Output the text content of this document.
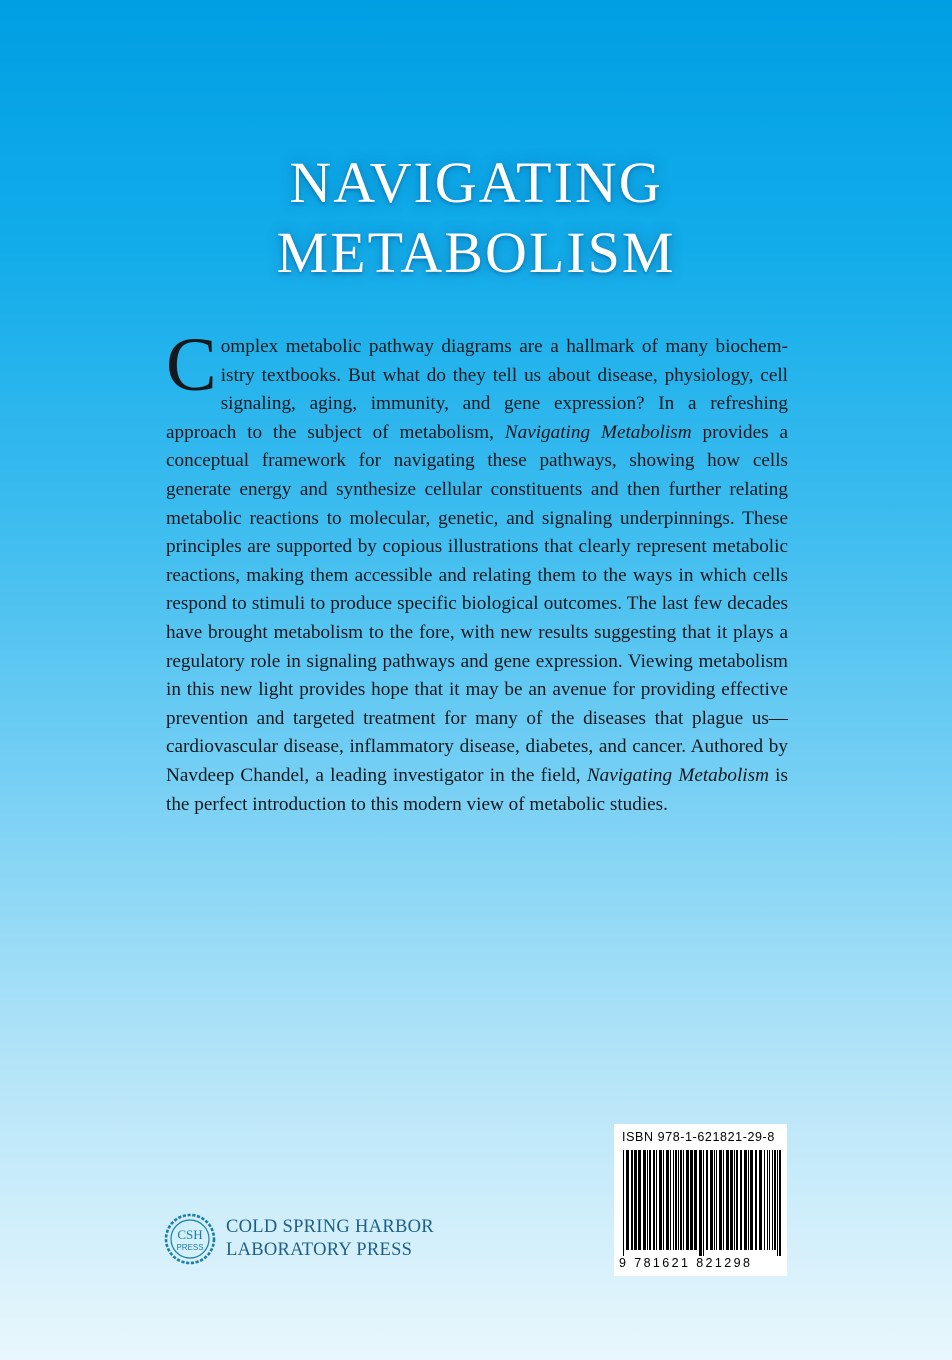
NAVIGATING
METABOLISM
Complex metabolic pathway diagrams are a hallmark of many biochemistry textbooks. But what do they tell us about disease, physiology, cell signaling, aging, immunity, and gene expression? In a refreshing approach to the subject of metabolism, Navigating Metabolism provides a conceptual framework for navigating these pathways, showing how cells generate energy and synthesize cellular constituents and then further relating metabolic reactions to molecular, genetic, and signaling underpinnings. These principles are supported by copious illustrations that clearly represent metabolic reactions, making them accessible and relating them to the ways in which cells respond to stimuli to produce specific biological outcomes. The last few decades have brought metabolism to the fore, with new results suggesting that it plays a regulatory role in signaling pathways and gene expression. Viewing metabolism in this new light provides hope that it may be an avenue for providing effective prevention and targeted treatment for many of the diseases that plague us—cardiovascular disease, inflammatory disease, diabetes, and cancer. Authored by Navdeep Chandel, a leading investigator in the field, Navigating Metabolism is the perfect introduction to this modern view of metabolic studies.
CSH
PRESS
COLD SPRING HARBOR
LABORATORY PRESS
ISBN 978-1-621821-29-8
9 781621 821298
